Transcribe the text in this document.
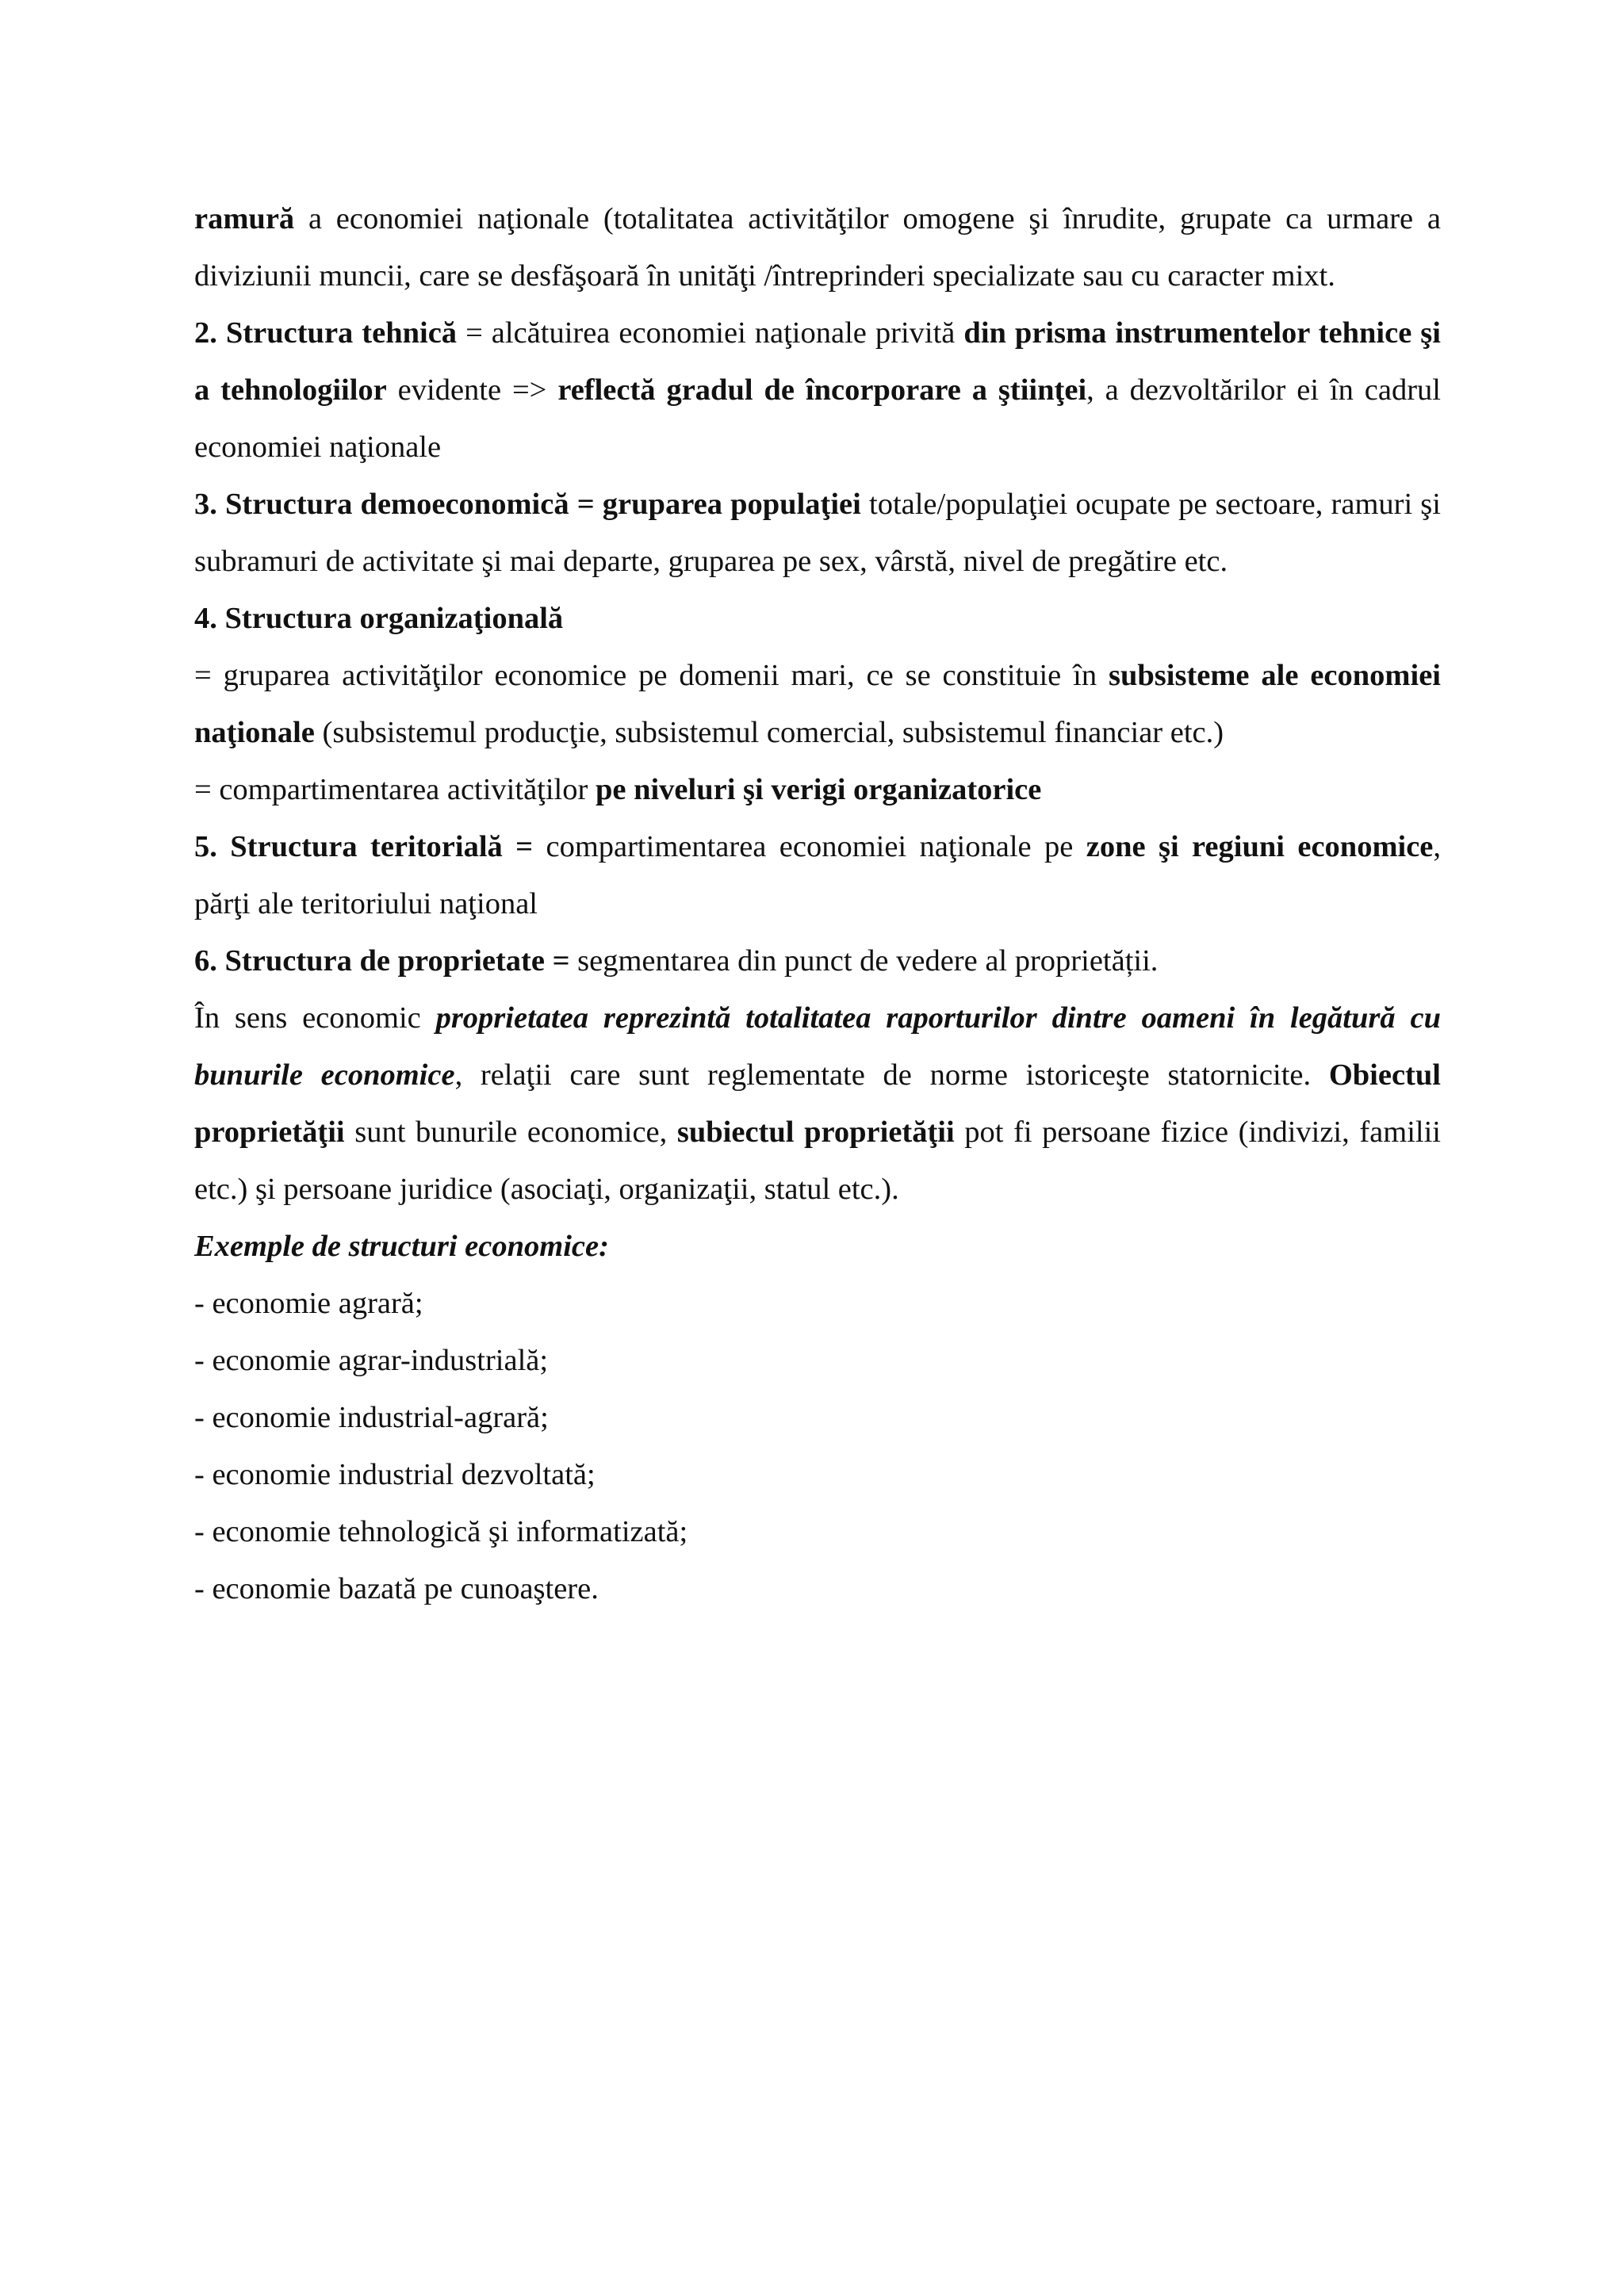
ramură a economiei naţionale (totalitatea activităţilor omogene şi înrudite, grupate ca urmare a diviziunii muncii, care se desfăşoară în unităţi /întreprinderi specializate sau cu caracter mixt.

2. Structura tehnică = alcătuirea economiei naţionale privită din prisma instrumentelor tehnice şi a tehnologiilor evidente => reflectă gradul de încorporare a ştiinţei, a dezvoltărilor ei în cadrul economiei naţionale

3. Structura demoeconomică = gruparea populaţiei totale/populaţiei ocupate pe sectoare, ramuri şi subramuri de activitate şi mai departe, gruparea pe sex, vârstă, nivel de pregătire etc.

4. Structura organizaţională

= gruparea activităţilor economice pe domenii mari, ce se constituie în subsisteme ale economiei naţionale (subsistemul producţie, subsistemul comercial, subsistemul financiar etc.)

= compartimentarea activităţilor pe niveluri şi verigi organizatorice

5. Structura teritorială = compartimentarea economiei naţionale pe zone şi regiuni economice, părţi ale teritoriului naţional

6. Structura de proprietate = segmentarea din punct de vedere al proprietății.

În sens economic proprietatea reprezintă totalitatea raporturilor dintre oameni în legătură cu bunurile economice, relaţii care sunt reglementate de norme istoriceşte statornicite. Obiectul proprietăţii sunt bunurile economice, subiectul proprietăţii pot fi persoane fizice (indivizi, familii etc.) şi persoane juridice (asociaţi, organizaţii, statul etc.).

Exemple de structuri economice:

- economie agrară;

- economie agrar-industrială;

- economie industrial-agrară;

- economie industrial dezvoltată;

- economie tehnologică şi informatizată;

- economie bazată pe cunoaştere.
